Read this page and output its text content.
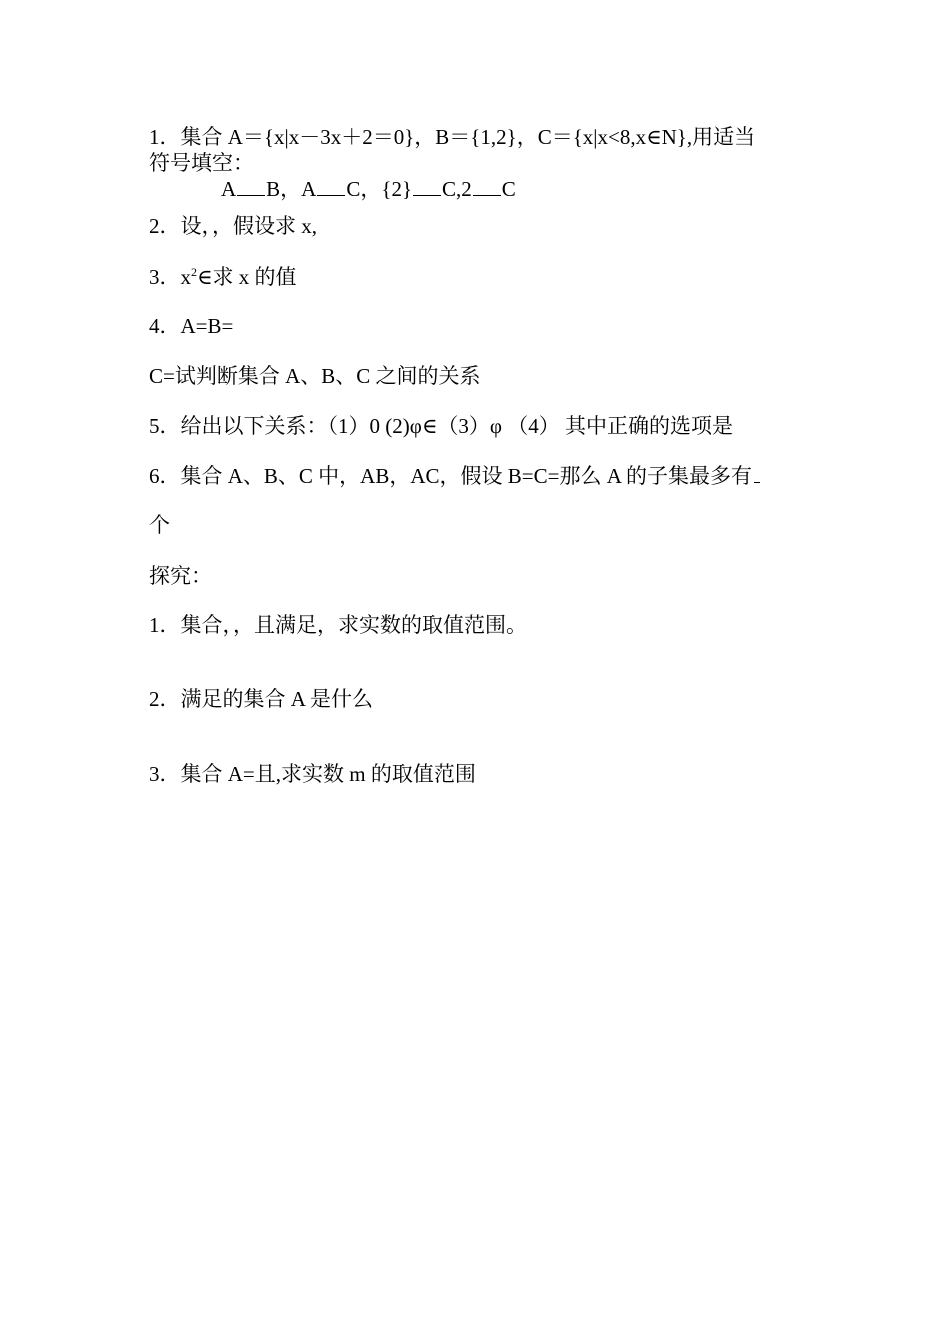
1．集合 A＝{x|x－3x＋2＝0}，B＝{1,2}，C＝{x|x<8,x∈N},用适当
符号填空：
A B，A C，{2} C,2 C
2．设，，假设求 x,
3．$x^2\in$求 x 的值
4．A=B=
C=试判断集合 A、B、C 之间的关系
5．给出以下关系：（1）0 (2)φ∈（3）φ （4） 其中正确的选项是
6．集合 A、B、C 中，AB，AC，假设 B=C=那么 A 的子集最多有
个
探究：
1．集合，，且满足，求实数的取值范围。
2．满足的集合 A 是什么
3．集合 A=且,求实数 m 的取值范围
